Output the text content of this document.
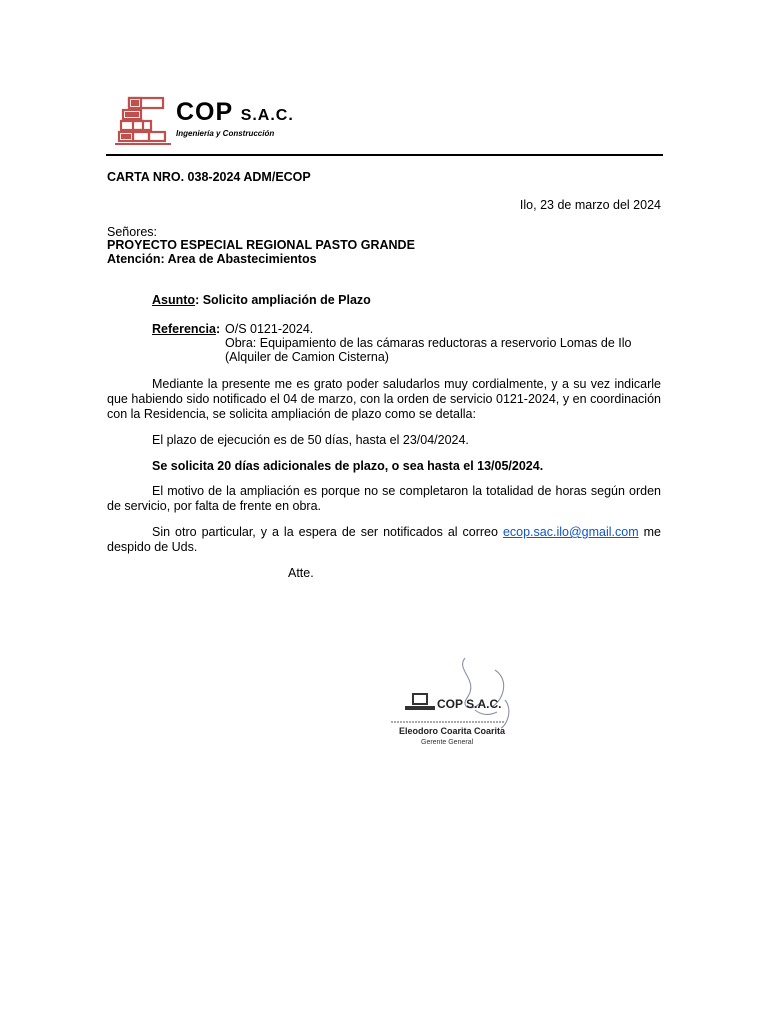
COP S.A.C.
Ingeniería y Construcción
CARTA NRO. 038-2024 ADM/ECOP
Ilo, 23 de marzo del 2024
Señores:
PROYECTO ESPECIAL REGIONAL PASTO GRANDE
Atención: Area de Abastecimientos
Asunto: Solicito ampliación de Plazo
Referencia: O/S 0121-2024.
Obra: Equipamiento de las cámaras reductoras a reservorio Lomas de Ilo
(Alquiler de Camion Cisterna)
Mediante la presente me es grato poder saludarlos muy cordialmente, y a su vez indicarle que habiendo sido notificado el 04 de marzo, con la orden de servicio 0121-2024, y en coordinación con la Residencia, se solicita ampliación de plazo como se detalla:
El plazo de ejecución es de 50 días, hasta el 23/04/2024.
Se solicita 20 días adicionales de plazo, o sea hasta el 13/05/2024.
El motivo de la ampliación es porque no se completaron la totalidad de horas según orden de servicio, por falta de frente en obra.
Sin otro particular, y a la espera de ser notificados al correo ecop.sac.ilo@gmail.com me despido de Uds.
Atte.
COP S.A.C.
Eleodoro Coarita Coarita
Gerente General
